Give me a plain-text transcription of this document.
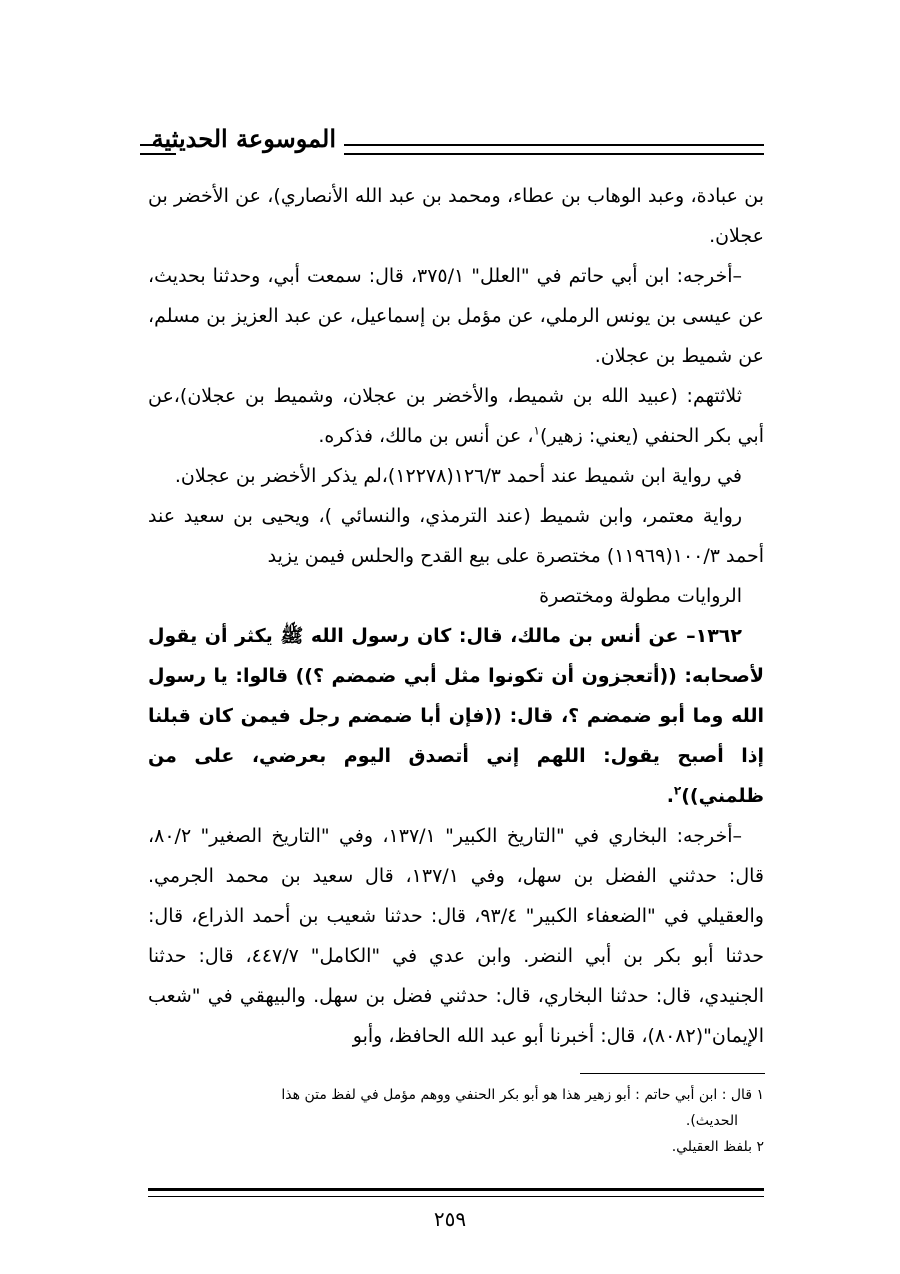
الموسوعة الحديثية

بن عبادة، وعبد الوهاب بن عطاء، ومحمد بن عبد الله الأنصاري)، عن الأخضر بن عجلان.

–أخرجه: ابن أبي حاتم في "العلل" ٣٧٥/١، قال: سمعت أبي، وحدثنا بحديث، عن عيسى بن يونس الرملي، عن مؤمل بن إسماعيل، عن عبد العزيز بن مسلم، عن شميط بن عجلان.

ثلاثتهم: (عبيد الله بن شميط، والأخضر بن عجلان، وشميط بن عجلان)،عن أبي بكر الحنفي (يعني: زهير)$^١$، عن أنس بن مالك، فذكره.

في رواية ابن شميط عند أحمد ١٢٦/٣(١٢٢٧٨)،لم يذكر الأخضر بن عجلان.

رواية معتمر، وابن شميط (عند الترمذي، والنسائي )، ويحيى بن سعيد عند أحمد ١٠٠/٣(١١٩٦٩) مختصرة على بيع القدح والحلس فيمن يزيد

الروايات مطولة ومختصرة

١٣٦٢– عن أنس بن مالك، قال: كان رسول الله ﷺ يكثر أن يقول لأصحابه: ((أتعجزون أن تكونوا مثل أبي ضمضم ؟)) قالوا: يا رسول الله وما أبو ضمضم ؟، قال: ((فإن أبا ضمضم رجل فيمن كان قبلنا إذا أصبح يقول: اللهم إني أتصدق اليوم بعرضي، على من ظلمني))$^٢$.

–أخرجه: البخاري في "التاريخ الكبير" ١٣٧/١، وفي "التاريخ الصغير" ٨٠/٢، قال: حدثني الفضل بن سهل، وفي ١٣٧/١، قال سعيد بن محمد الجرمي. والعقيلي في "الضعفاء الكبير" ٩٣/٤، قال: حدثنا شعيب بن أحمد الذراع، قال: حدثنا أبو بكر بن أبي النضر. وابن عدي في "الكامل" ٤٤٧/٧، قال: حدثنا الجنيدي، قال: حدثنا البخاري، قال: حدثني فضل بن سهل. والبيهقي في "شعب الإيمان"(٨٠٨٢)، قال: أخبرنا أبو عبد الله الحافظ، وأبو

١ قال : ابن أبي حاتم : أبو زهير هذا هو أبو بكر الحنفي ووهم مؤمل في لفظ متن هذا

الحديث).

٢ بلفظ العقيلي.

٢٥٩
